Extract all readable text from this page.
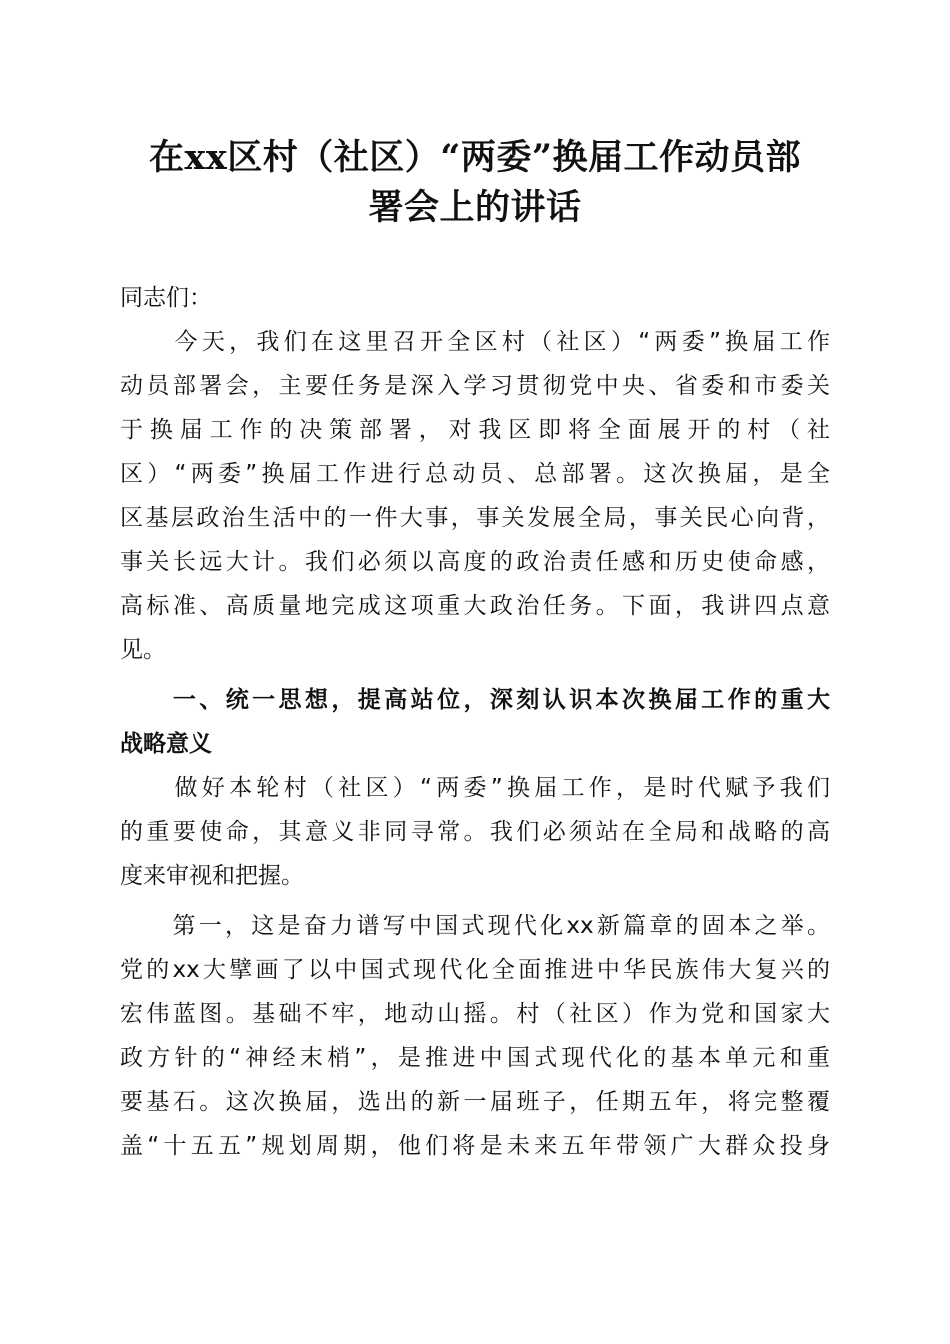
在xx区村（社区）“两委”换届工作动员部
署会上的讲话
同志们：
　　今天，我们在这里召开全区村（社区）“两委”换届工作
动员部署会，主要任务是深入学习贯彻党中央、省委和市委关
于换届工作的决策部署，对我区即将全面展开的村（社
区）“两委”换届工作进行总动员、总部署。这次换届，是全
区基层政治生活中的一件大事，事关发展全局，事关民心向背，
事关长远大计。我们必须以高度的政治责任感和历史使命感，
高标准、高质量地完成这项重大政治任务。下面，我讲四点意
见。
　　一、统一思想，提高站位，深刻认识本次换届工作的重大
战略意义
　　做好本轮村（社区）“两委”换届工作，是时代赋予我们
的重要使命，其意义非同寻常。我们必须站在全局和战略的高
度来审视和把握。
　　第一，这是奋力谱写中国式现代化xx新篇章的固本之举。
党的xx大擘画了以中国式现代化全面推进中华民族伟大复兴的
宏伟蓝图。基础不牢，地动山摇。村（社区）作为党和国家大
政方针的“神经末梢”，是推进中国式现代化的基本单元和重
要基石。这次换届，选出的新一届班子，任期五年，将完整覆
盖“十五五”规划周期，他们将是未来五年带领广大群众投身
